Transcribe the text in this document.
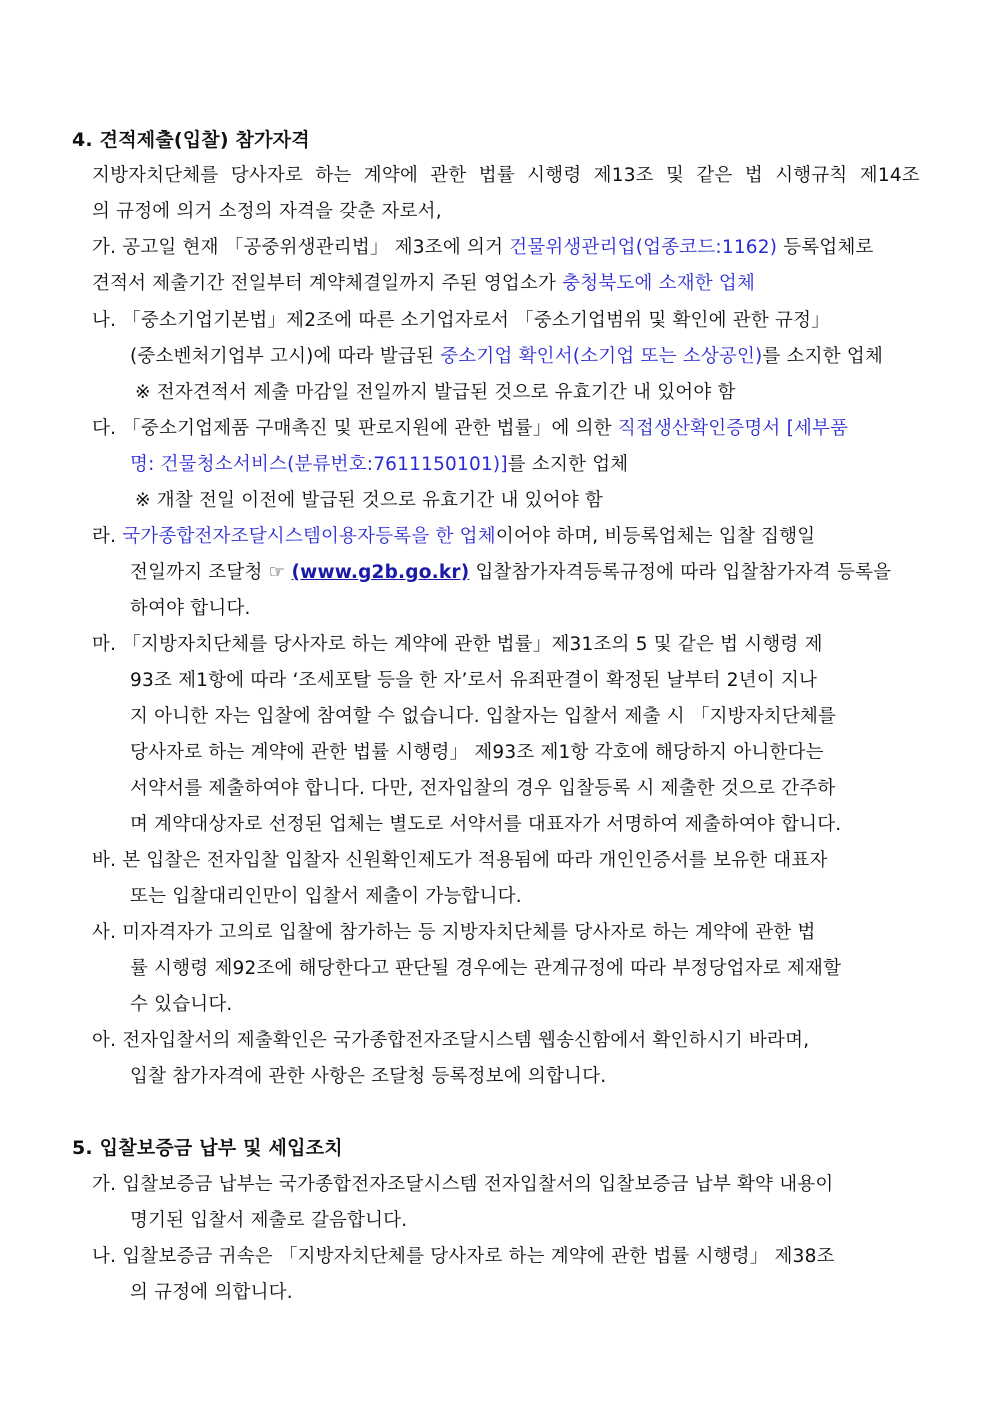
4. 견적제출(입찰) 참가자격
지방자치단체를 당사자로 하는 계약에 관한 법률 시행령 제13조 및 같은 법 시행규칙 제14조
의 규정에 의거 소정의 자격을 갖춘 자로서,
가. 공고일 현재 「공중위생관리법」 제3조에 의거 건물위생관리업(업종코드:1162) 등록업체로
견적서 제출기간 전일부터 계약체결일까지 주된 영업소가 충청북도에 소재한 업체
나. 「중소기업기본법」제2조에 따른 소기업자로서 「중소기업범위 및 확인에 관한 규정」
(중소벤처기업부 고시)에 따라 발급된 중소기업 확인서(소기업 또는 소상공인)를 소지한 업체
※ 전자견적서 제출 마감일 전일까지 발급된 것으로 유효기간 내 있어야 함
다. 「중소기업제품 구매촉진 및 판로지원에 관한 법률」에 의한 직접생산확인증명서 [세부품
명: 건물청소서비스(분류번호:7611150101)]를 소지한 업체
※ 개찰 전일 이전에 발급된 것으로 유효기간 내 있어야 함
라. 국가종합전자조달시스템이용자등록을 한 업체이어야 하며, 비등록업체는 입찰 집행일
전일까지 조달청 ☞ (www.g2b.go.kr) 입찰참가자격등록규정에 따라 입찰참가자격 등록을
하여야 합니다.
마. 「지방자치단체를 당사자로 하는 계약에 관한 법률」제31조의 5 및 같은 법 시행령 제
93조 제1항에 따라 ‘조세포탈 등을 한 자’로서 유죄판결이 확정된 날부터 2년이 지나
지 아니한 자는 입찰에 참여할 수 없습니다. 입찰자는 입찰서 제출 시 「지방자치단체를
당사자로 하는 계약에 관한 법률 시행령」 제93조 제1항 각호에 해당하지 아니한다는
서약서를 제출하여야 합니다. 다만, 전자입찰의 경우 입찰등록 시 제출한 것으로 간주하
며 계약대상자로 선정된 업체는 별도로 서약서를 대표자가 서명하여 제출하여야 합니다.
바. 본 입찰은 전자입찰 입찰자 신원확인제도가 적용됨에 따라 개인인증서를 보유한 대표자
또는 입찰대리인만이 입찰서 제출이 가능합니다.
사. 미자격자가 고의로 입찰에 참가하는 등 지방자치단체를 당사자로 하는 계약에 관한 법
률 시행령 제92조에 해당한다고 판단될 경우에는 관계규정에 따라 부정당업자로 제재할
수 있습니다.
아. 전자입찰서의 제출확인은 국가종합전자조달시스템 웹송신함에서 확인하시기 바라며,
입찰 참가자격에 관한 사항은 조달청 등록정보에 의합니다.
5. 입찰보증금 납부 및 세입조치
가. 입찰보증금 납부는 국가종합전자조달시스템 전자입찰서의 입찰보증금 납부 확약 내용이
명기된 입찰서 제출로 갈음합니다.
나. 입찰보증금 귀속은 「지방자치단체를 당사자로 하는 계약에 관한 법률 시행령」 제38조
의 규정에 의합니다.
